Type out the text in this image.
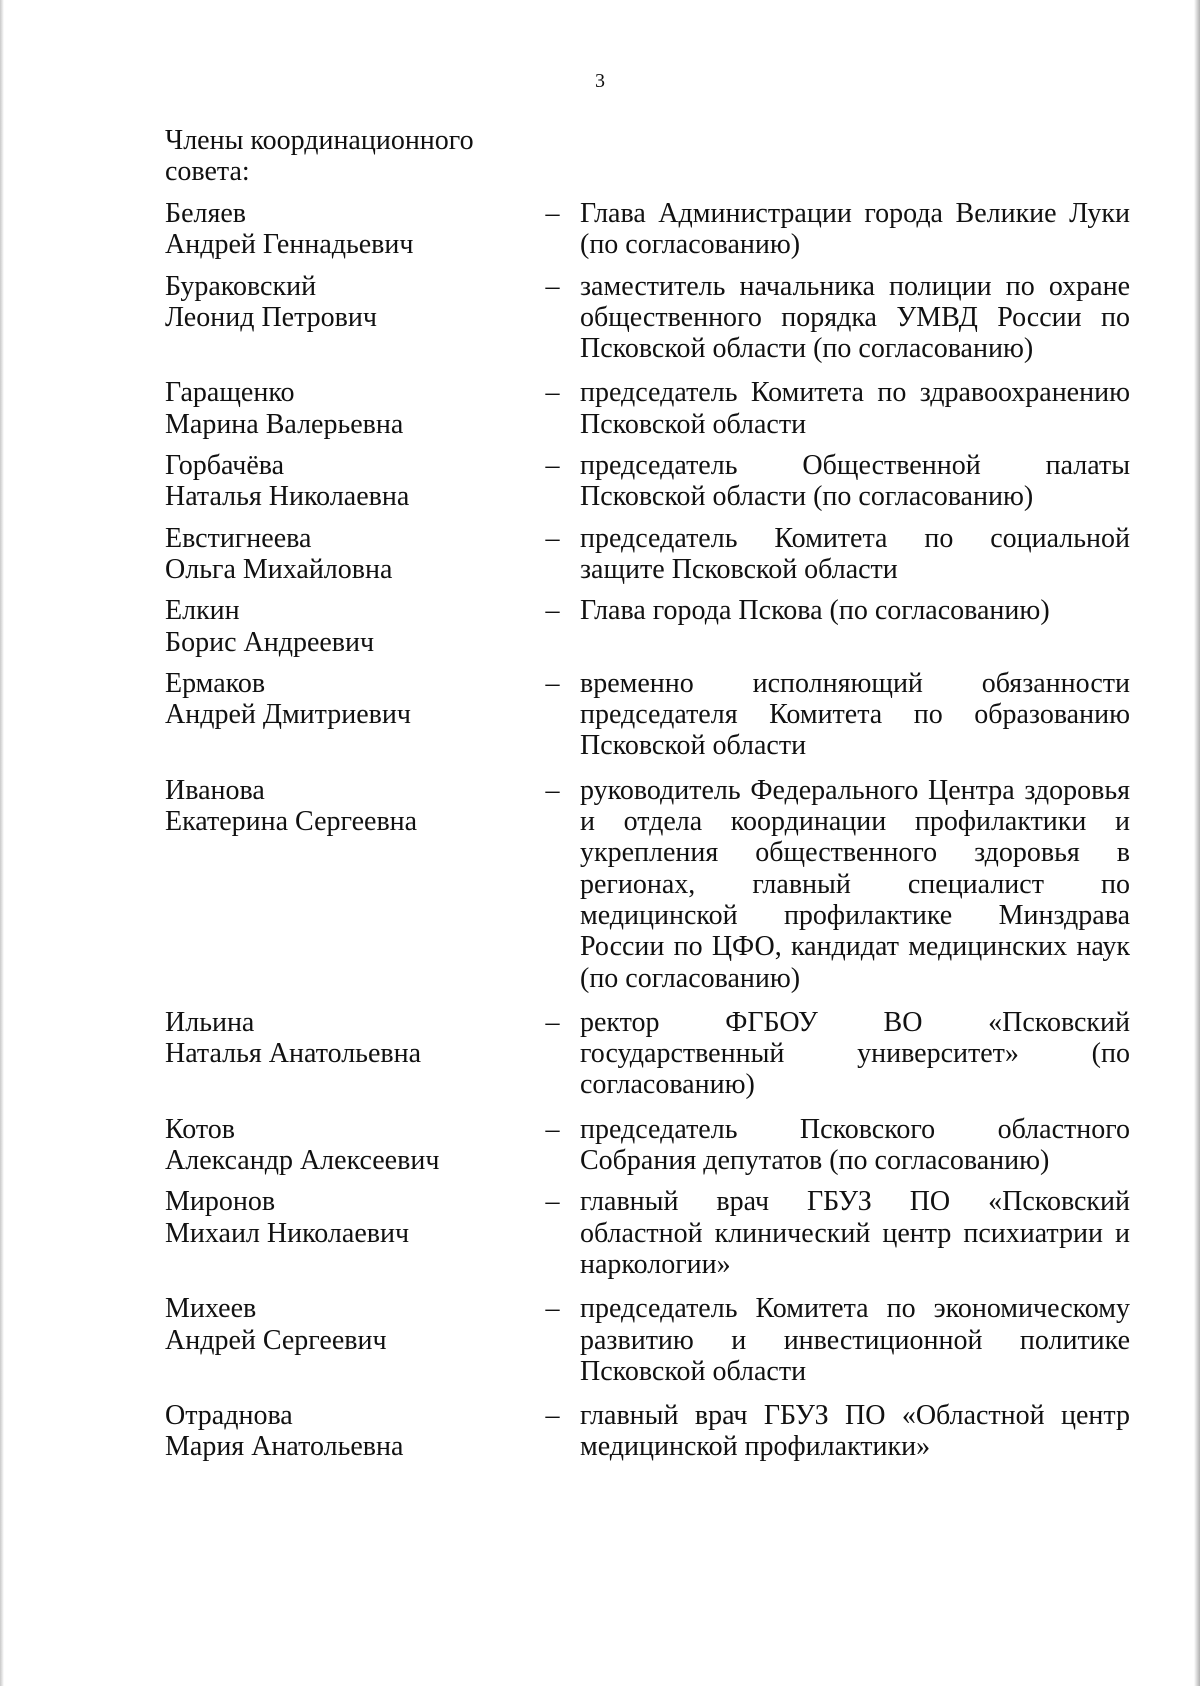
3
Члены координационного совета:
Беляев
Андрей Геннадьевич
– Глава Администрации города Великие Луки (по согласованию)
Бураковский
Леонид Петрович
– заместитель начальника полиции по охране общественного порядка УМВД России по Псковской области (по согласованию)
Гаращенко
Марина Валерьевна
– председатель Комитета по здравоохранению Псковской области
Горбачёва
Наталья Николаевна
– председатель Общественной палаты Псковской области (по согласованию)
Евстигнеева
Ольга Михайловна
– председатель Комитета по социальной защите Псковской области
Елкин
Борис Андреевич
– Глава города Пскова (по согласованию)
Ермаков
Андрей Дмитриевич
– временно исполняющий обязанности председателя Комитета по образованию Псковской области
Иванова
Екатерина Сергеевна
– руководитель Федерального Центра здоровья и отдела координации профилактики и укрепления общественного здоровья в регионах, главный специалист по медицинской профилактике Минздрава России по ЦФО, кандидат медицинских наук (по согласованию)
Ильина
Наталья Анатольевна
– ректор ФГБОУ ВО «Псковский государственный университет» (по согласованию)
Котов
Александр Алексеевич
– председатель Псковского областного Собрания депутатов (по согласованию)
Миронов
Михаил Николаевич
– главный врач ГБУЗ ПО «Псковский областной клинический центр психиатрии и наркологии»
Михеев
Андрей Сергеевич
– председатель Комитета по экономическому развитию и инвестиционной политике Псковской области
Отраднова
Мария Анатольевна
– главный врач ГБУЗ ПО «Областной центр медицинской профилактики»
